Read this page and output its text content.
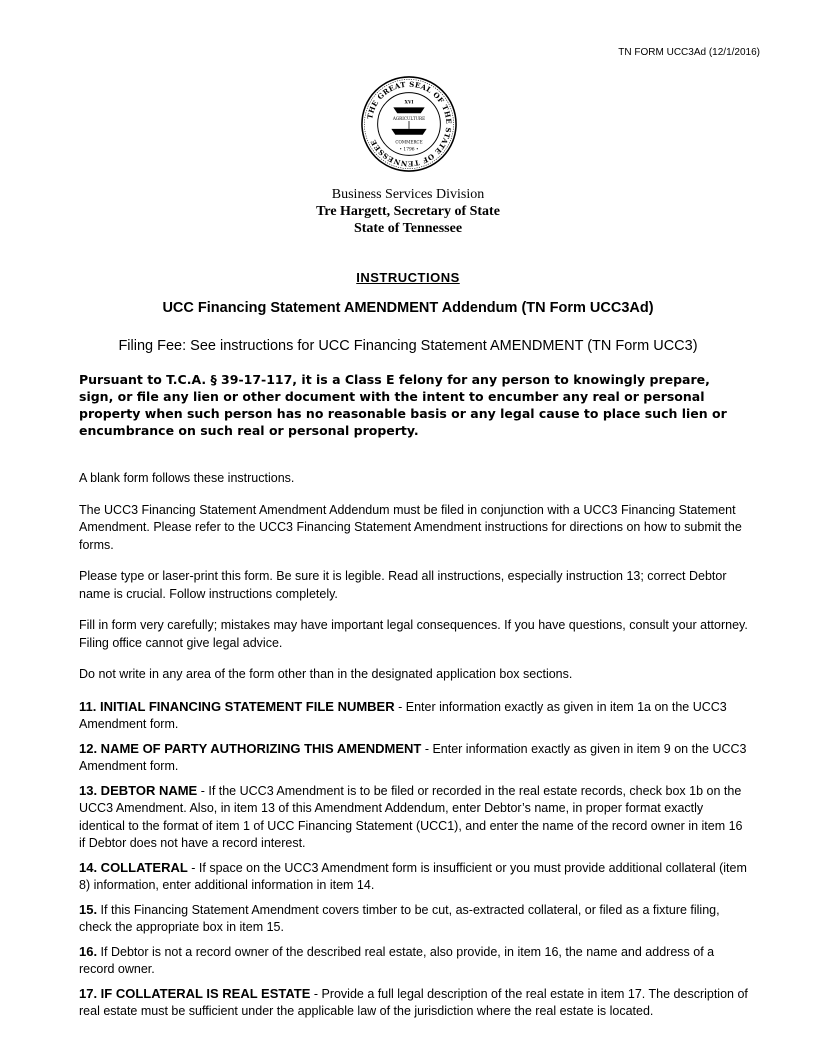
TN FORM UCC3Ad (12/1/2016)
THE GREAT SEAL OF THE STATE OF TENNESSEE
XVI
AGRICULTURE
COMMERCE
• 1796 •
Business Services Division
Tre Hargett, Secretary of State
State of Tennessee
INSTRUCTIONS
UCC Financing Statement AMENDMENT Addendum (TN Form UCC3Ad)
Filing Fee: See instructions for UCC Financing Statement AMENDMENT (TN Form UCC3)
Pursuant to T.C.A. § 39-17-117, it is a Class E felony for any person to knowingly prepare, sign, or file any lien or other document with the intent to encumber any real or personal property when such person has no reasonable basis or any legal cause to place such lien or encumbrance on such real or personal property.

A blank form follows these instructions.

The UCC3 Financing Statement Amendment Addendum must be filed in conjunction with a UCC3 Financing Statement Amendment. Please refer to the UCC3 Financing Statement Amendment instructions for directions on how to submit the forms.

Please type or laser-print this form. Be sure it is legible. Read all instructions, especially instruction 13; correct Debtor name is crucial. Follow instructions completely.

Fill in form very carefully; mistakes may have important legal consequences. If you have questions, consult your attorney. Filing office cannot give legal advice.

Do not write in any area of the form other than in the designated application box sections.

11. INITIAL FINANCING STATEMENT FILE NUMBER - Enter information exactly as given in item 1a on the UCC3 Amendment form.
12. NAME OF PARTY AUTHORIZING THIS AMENDMENT - Enter information exactly as given in item 9 on the UCC3 Amendment form.
13. DEBTOR NAME - If the UCC3 Amendment is to be filed or recorded in the real estate records, check box 1b on the UCC3 Amendment. Also, in item 13 of this Amendment Addendum, enter Debtor’s name, in proper format exactly identical to the format of item 1 of UCC Financing Statement (UCC1), and enter the name of the record owner in item 16 if Debtor does not have a record interest.
14. COLLATERAL - If space on the UCC3 Amendment form is insufficient or you must provide additional collateral (item 8) information, enter additional information in item 14.
15. If this Financing Statement Amendment covers timber to be cut, as-extracted collateral, or filed as a fixture filing, check the appropriate box in item 15.
16. If Debtor is not a record owner of the described real estate, also provide, in item 16, the name and address of a record owner.
17. IF COLLATERAL IS REAL ESTATE - Provide a full legal description of the real estate in item 17. The description of real estate must be sufficient under the applicable law of the jurisdiction where the real estate is located.
